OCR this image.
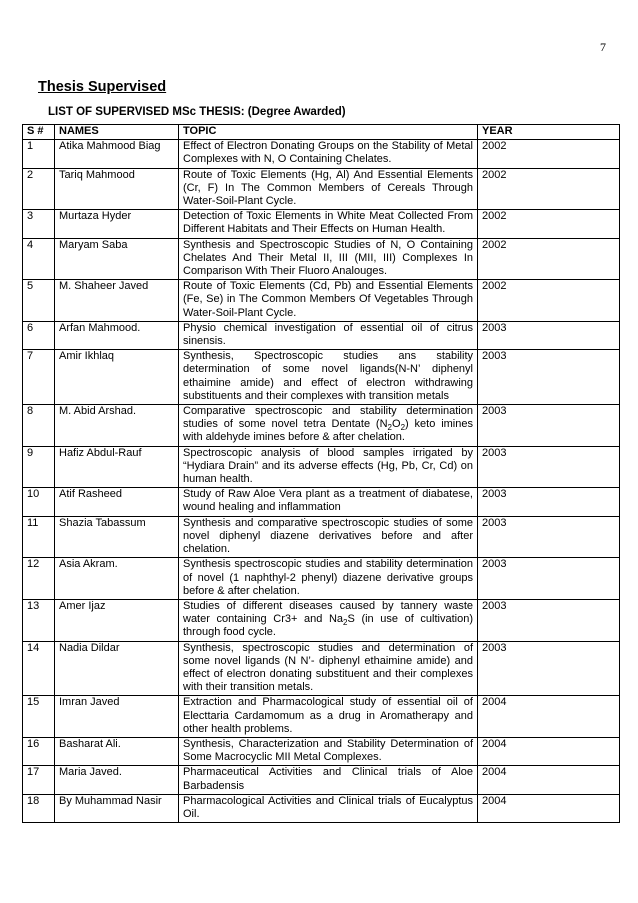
7
Thesis Supervised
LIST OF SUPERVISED MSc THESIS: (Degree Awarded)
S #	NAMES	TOPIC	YEAR
1	Atika Mahmood Biag	Effect of Electron Donating Groups on the Stability of Metal Complexes with N, O Containing Chelates.	2002
2	Tariq Mahmood	Route of Toxic Elements (Hg, Al) And Essential Elements (Cr, F) In The Common Members of Cereals Through Water-Soil-Plant Cycle.	2002
3	Murtaza Hyder	Detection of Toxic Elements in White Meat Collected From Different Habitats and Their Effects on Human Health.	2002
4	Maryam Saba	Synthesis and Spectroscopic Studies of N, O Containing Chelates And Their Metal II, III (MII, III) Complexes In Comparison With Their Fluoro Analouges.	2002
5	M. Shaheer Javed	Route of Toxic Elements (Cd, Pb) and Essential Elements (Fe, Se) in The Common Members Of Vegetables Through Water-Soil-Plant Cycle.	2002
6	Arfan Mahmood.	Physio chemical investigation of essential oil of citrus sinensis.	2003
7	Amir Ikhlaq	Synthesis, Spectroscopic studies ans stability determination of some novel ligands(N-N’ diphenyl ethaimine amide) and effect of electron withdrawing substituents and their complexes with transition metals	2003
8	M. Abid Arshad.	Comparative spectroscopic and stability determination studies of some novel tetra Dentate $(N_2O_2)$ keto imines with aldehyde imines before & after chelation.	2003
9	Hafiz Abdul-Rauf	Spectroscopic analysis of blood samples irrigated by “Hydiara Drain” and its adverse effects (Hg, Pb, Cr, Cd) on human health.	2003
10	Atif Rasheed	Study of Raw Aloe Vera plant as a treatment of diabatese, wound healing and inflammation	2003
11	Shazia Tabassum	Synthesis and comparative spectroscopic studies of some novel diphenyl diazene derivatives before and after chelation.	2003
12	Asia Akram.	Synthesis spectroscopic studies and stability determination of novel (1 naphthyl-2 phenyl) diazene derivative groups before & after chelation.	2003
13	Amer Ijaz	Studies of different diseases caused by tannery waste water containing Cr3+ and $Na_2S$ (in use of cultivation) through food cycle.	2003
14	Nadia Dildar	Synthesis, spectroscopic studies and determination of some novel ligands (N N’- diphenyl ethaimine amide) and effect of electron donating substituent and their complexes with their transition metals.	2003
15	Imran Javed	Extraction and Pharmacological study of essential oil of Electtaria Cardamomum as a drug in Aromatherapy and other health problems.	2004
16	Basharat Ali.	Synthesis, Characterization and Stability Determination of Some Macrocyclic MII Metal Complexes.	2004
17	Maria Javed.	Pharmaceutical Activities and Clinical trials of Aloe Barbadensis	2004
18	By Muhammad Nasir	Pharmacological Activities and Clinical trials of Eucalyptus Oil.	2004
